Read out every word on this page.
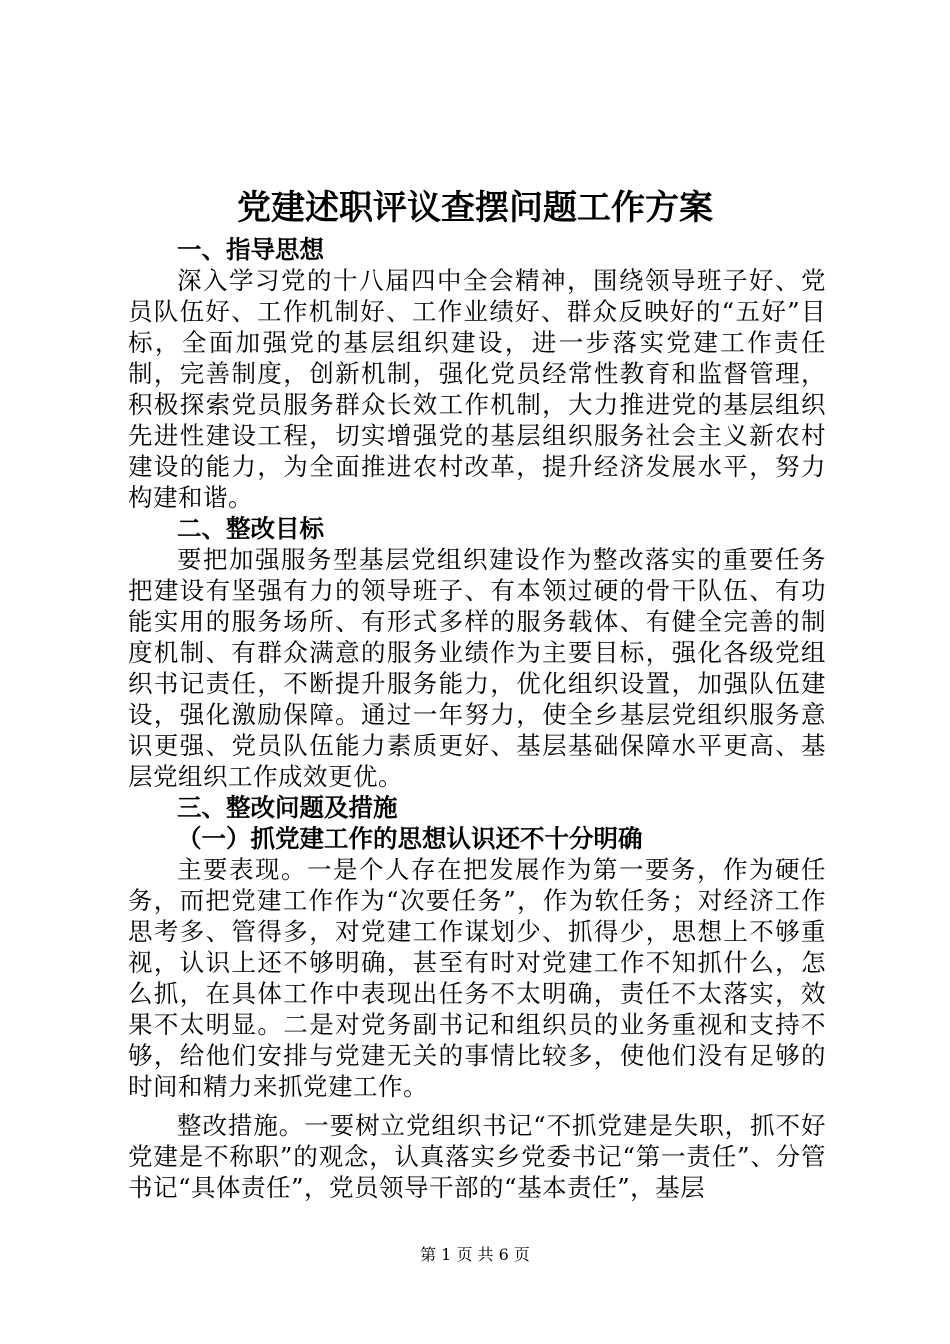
党建述职评议查摆问题工作方案
一、指导思想

深入学习党的十八届四中全会精神，围绕领导班子好、党员队伍好、工作机制好、工作业绩好、群众反映好的“五好”目标，全面加强党的基层组织建设，进一步落实党建工作责任制，完善制度，创新机制，强化党员经常性教育和监督管理，积极探索党员服务群众长效工作机制，大力推进党的基层组织先进性建设工程，切实增强党的基层组织服务社会主义新农村建设的能力，为全面推进农村改革，提升经济发展水平，努力构建和谐。

二、整改目标

要把加强服务型基层党组织建设作为整改落实的重要任务把建设有坚强有力的领导班子、有本领过硬的骨干队伍、有功能实用的服务场所、有形式多样的服务载体、有健全完善的制度机制、有群众满意的服务业绩作为主要目标，强化各级党组织书记责任，不断提升服务能力，优化组织设置，加强队伍建设，强化激励保障。通过一年努力，使全乡基层党组织服务意识更强、党员队伍能力素质更好、基层基础保障水平更高、基层党组织工作成效更优。

三、整改问题及措施
（一）抓党建工作的思想认识还不十分明确

主要表现。一是个人存在把发展作为第一要务，作为硬任务，而把党建工作作为“次要任务”，作为软任务；对经济工作思考多、管得多，对党建工作谋划少、抓得少，思想上不够重视，认识上还不够明确，甚至有时对党建工作不知抓什么，怎么抓，在具体工作中表现出任务不太明确，责任不太落实，效果不太明显。二是对党务副书记和组织员的业务重视和支持不够，给他们安排与党建无关的事情比较多，使他们没有足够的时间和精力来抓党建工作。

整改措施。一要树立党组织书记“不抓党建是失职，抓不好党建是不称职”的观念，认真落实乡党委书记“第一责任”、分管书记“具体责任”，党员领导干部的“基本责任”，基层

第 1 页 共 6 页
